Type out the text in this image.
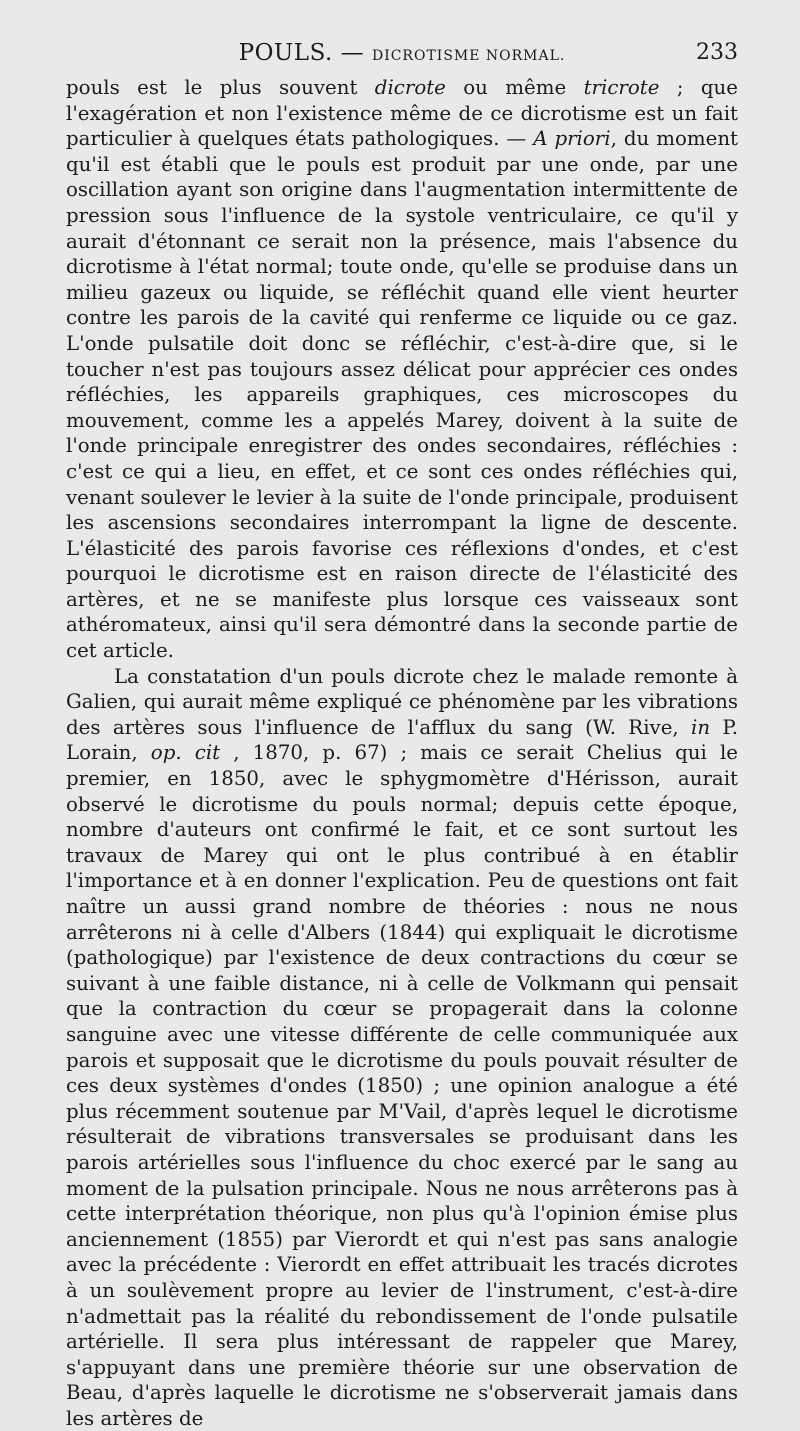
POULS. — DICROTISME NORMAL.	233

pouls est le plus souvent dicrote ou même tricrote ; que l'exagération et non l'existence même de ce dicrotisme est un fait particulier à quelques états pathologiques. — A priori, du moment qu'il est établi que le pouls est produit par une onde, par une oscillation ayant son origine dans l'augmentation intermittente de pression sous l'influence de la systole ventriculaire, ce qu'il y aurait d'étonnant ce serait non la présence, mais l'absence du dicrotisme à l'état normal; toute onde, qu'elle se produise dans un milieu gazeux ou liquide, se réfléchit quand elle vient heurter contre les parois de la cavité qui renferme ce liquide ou ce gaz. L'onde pulsatile doit donc se réfléchir, c'est-à-dire que, si le toucher n'est pas toujours assez délicat pour apprécier ces ondes réfléchies, les appareils graphiques, ces microscopes du mouvement, comme les a appelés Marey, doivent à la suite de l'onde principale enregistrer des ondes secondaires, réfléchies : c'est ce qui a lieu, en effet, et ce sont ces ondes réfléchies qui, venant soulever le levier à la suite de l'onde principale, produisent les ascensions secondaires interrompant la ligne de descente. L'élasticité des parois favorise ces réflexions d'ondes, et c'est pourquoi le dicrotisme est en raison directe de l'élasticité des artères, et ne se manifeste plus lorsque ces vaisseaux sont athéromateux, ainsi qu'il sera démontré dans la seconde partie de cet article.

La constatation d'un pouls dicrote chez le malade remonte à Galien, qui aurait même expliqué ce phénomène par les vibrations des artères sous l'influence de l'afflux du sang (W. Rive, in P. Lorain, op. cit , 1870, p. 67) ; mais ce serait Chelius qui le premier, en 1850, avec le sphygmomètre d'Hérisson, aurait observé le dicrotisme du pouls normal; depuis cette époque, nombre d'auteurs ont confirmé le fait, et ce sont surtout les travaux de Marey qui ont le plus contribué à en établir l'importance et à en donner l'explication. Peu de questions ont fait naître un aussi grand nombre de théories : nous ne nous arrêterons ni à celle d'Albers (1844) qui expliquait le dicrotisme (pathologique) par l'existence de deux contractions du cœur se suivant à une faible distance, ni à celle de Volkmann qui pensait que la contraction du cœur se propagerait dans la colonne sanguine avec une vitesse différente de celle communiquée aux parois et supposait que le dicrotisme du pouls pouvait résulter de ces deux systèmes d'ondes (1850) ; une opinion analogue a été plus récemment soutenue par M'Vail, d'après lequel le dicrotisme résulterait de vibrations transversales se produisant dans les parois artérielles sous l'influence du choc exercé par le sang au moment de la pulsation principale. Nous ne nous arrêterons pas à cette interprétation théorique, non plus qu'à l'opinion émise plus anciennement (1855) par Vierordt et qui n'est pas sans analogie avec la précédente : Vierordt en effet attribuait les tracés dicrotes à un soulèvement propre au levier de l'instrument, c'est-à-dire n'admettait pas la réalité du rebondissement de l'onde pulsatile artérielle. Il sera plus intéressant de rappeler que Marey, s'appuyant dans une première théorie sur une observation de Beau, d'après laquelle le dicrotisme ne s'observerait jamais dans les artères de
